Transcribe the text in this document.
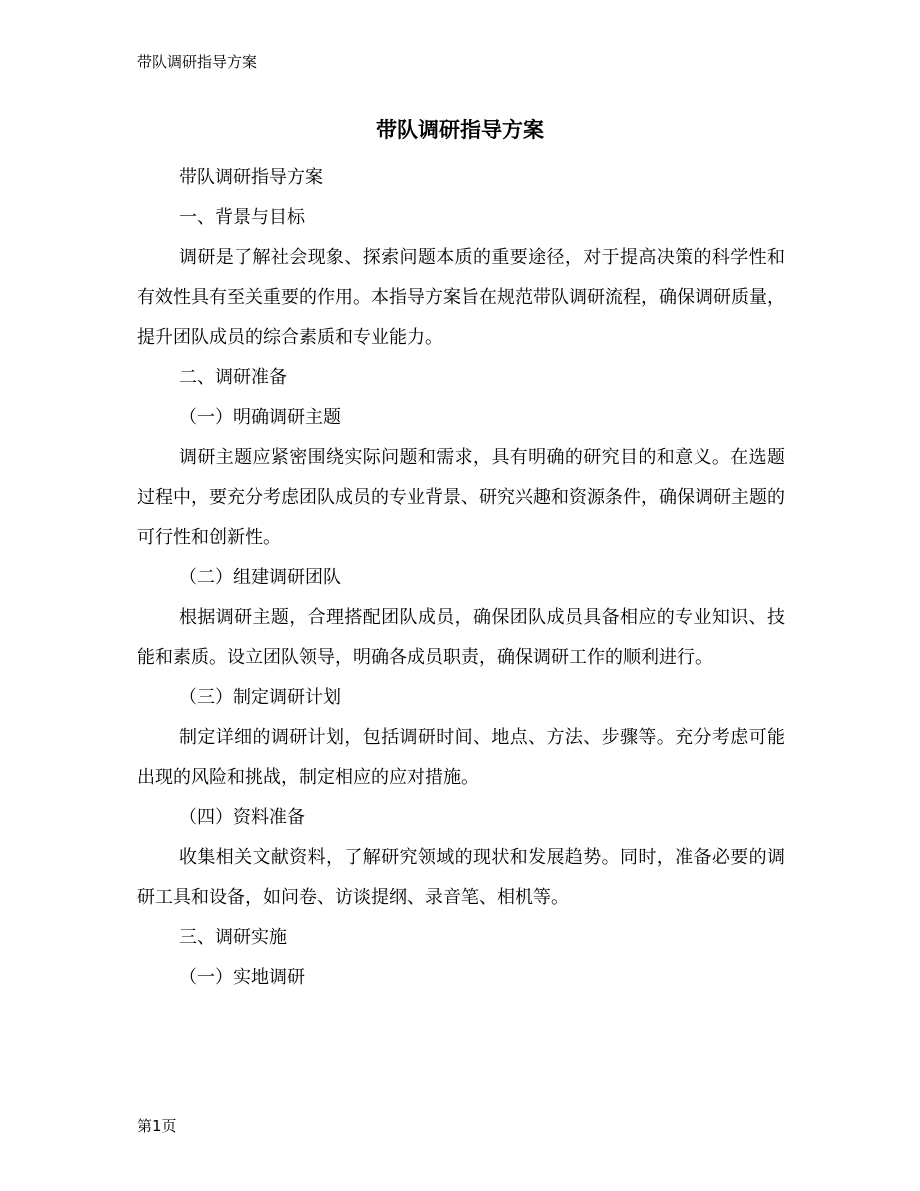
带队调研指导方案
带队调研指导方案

带队调研指导方案

一、背景与目标

调研是了解社会现象、探索问题本质的重要途径，对于提高决策的科学性和有效性具有至关重要的作用。本指导方案旨在规范带队调研流程，确保调研质量，提升团队成员的综合素质和专业能力。

二、调研准备

（一）明确调研主题

调研主题应紧密围绕实际问题和需求，具有明确的研究目的和意义。在选题过程中，要充分考虑团队成员的专业背景、研究兴趣和资源条件，确保调研主题的可行性和创新性。

（二）组建调研团队

根据调研主题，合理搭配团队成员，确保团队成员具备相应的专业知识、技能和素质。设立团队领导，明确各成员职责，确保调研工作的顺利进行。

（三）制定调研计划

制定详细的调研计划，包括调研时间、地点、方法、步骤等。充分考虑可能出现的风险和挑战，制定相应的应对措施。

（四）资料准备

收集相关文献资料，了解研究领域的现状和发展趋势。同时，准备必要的调研工具和设备，如问卷、访谈提纲、录音笔、相机等。

三、调研实施

（一）实地调研

第1页
